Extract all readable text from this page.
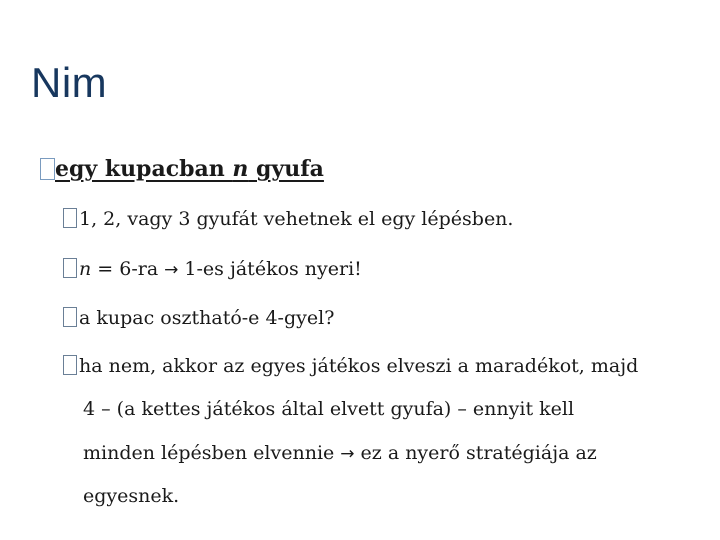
Nim
egy kupacban n gyufa
1, 2, vagy 3 gyufát vehetnek el egy lépésben.
n = 6-ra → 1-es játékos nyeri!
a kupac osztható-e 4-gyel?
ha nem, akkor az egyes játékos elveszi a maradékot, majd
4 – (a kettes játékos által elvett gyufa) – ennyit kell
minden lépésben elvennie → ez a nyerő stratégiája az
egyesnek.
